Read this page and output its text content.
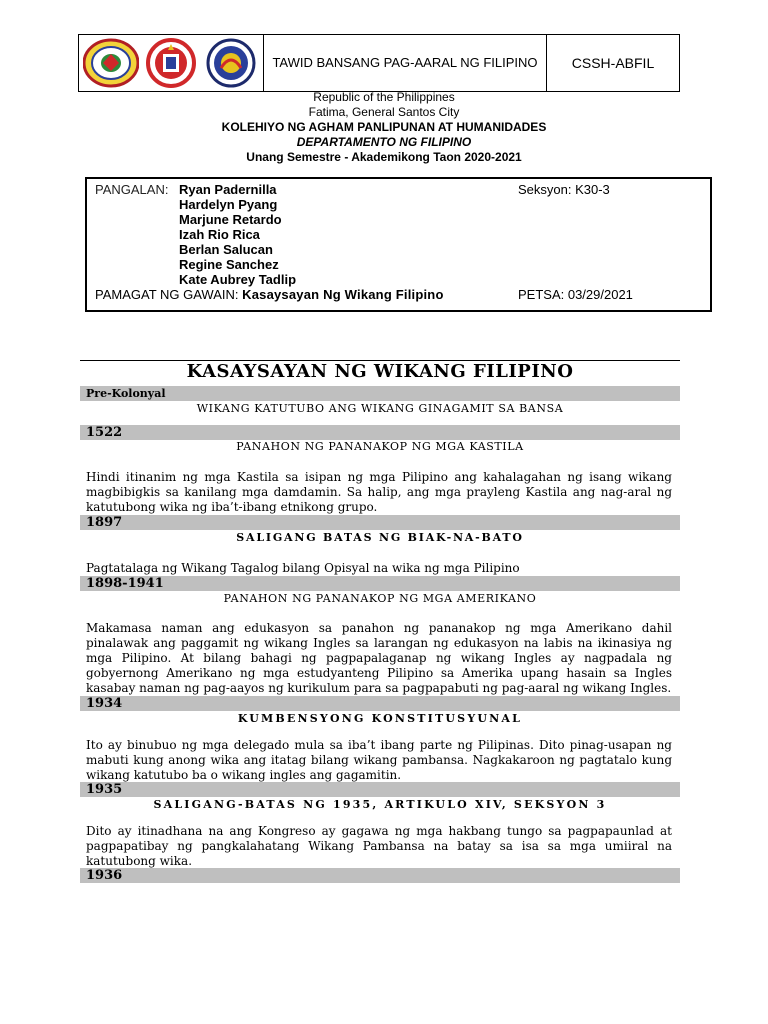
TAWID BANSANG PAG-AARAL NG FILIPINO	CSSH-ABFIL
Republic of the Philippines
Fatima, General Santos City
KOLEHIYO NG AGHAM PANLIPUNAN AT HUMANIDADES
DEPARTAMENTO NG FILIPINO
Unang Semestre - Akademikong Taon 2020-2021
PANGALAN: Ryan Padernilla
Hardelyn Pyang
Marjune Retardo
Izah Rio Rica
Berlan Salucan
Regine Sanchez
Kate Aubrey Tadlip
Seksyon: K30-3
PAMAGAT NG GAWAIN: Kasaysayan Ng Wikang Filipino	PETSA: 03/29/2021
KASAYSAYAN NG WIKANG FILIPINO
Pre-Kolonyal
WIKANG KATUTUBO ANG WIKANG GINAGAMIT SA BANSA
1522
PANAHON NG PANANAKOP NG MGA KASTILA
Hindi itinanim ng mga Kastila sa isipan ng mga Pilipino ang kahalagahan ng isang wikang magbibigkis sa kanilang mga damdamin. Sa halip, ang mga prayleng Kastila ang nag-aral ng katutubong wika ng iba’t-ibang etnikong grupo.
1897
SALIGANG BATAS NG BIAK-NA-BATO
Pagtatalaga ng Wikang Tagalog bilang Opisyal na wika ng mga Pilipino
1898-1941
PANAHON NG PANANAKOP NG MGA AMERIKANO
Makamasa naman ang edukasyon sa panahon ng pananakop ng mga Amerikano dahil pinalawak ang paggamit ng wikang Ingles sa larangan ng edukasyon na labis na ikinasiya ng mga Pilipino. At bilang bahagi ng pagpapalaganap ng wikang Ingles ay nagpadala ng gobyernong Amerikano ng mga estudyanteng Pilipino sa Amerika upang hasain sa Ingles kasabay naman ng pag-aayos ng kurikulum para sa pagpapabuti ng pag-aaral ng wikang Ingles.
1934
KUMBENSYONG KONSTITUSYUNAL
Ito ay binubuo ng mga delegado mula sa iba’t ibang parte ng Pilipinas. Dito pinag-usapan ng mabuti kung anong wika ang itatag bilang wikang pambansa. Nagkakaroon ng pagtatalo kung wikang katutubo ba o wikang ingles ang gagamitin.
1935
SALIGANG-BATAS NG 1935, ARTIKULO XIV, SEKSYON 3
Dito ay itinadhana na ang Kongreso ay gagawa ng mga hakbang tungo sa pagpapaunlad at pagpapatibay ng pangkalahatang Wikang Pambansa na batay sa isa sa mga umiiral na katutubong wika.
1936
